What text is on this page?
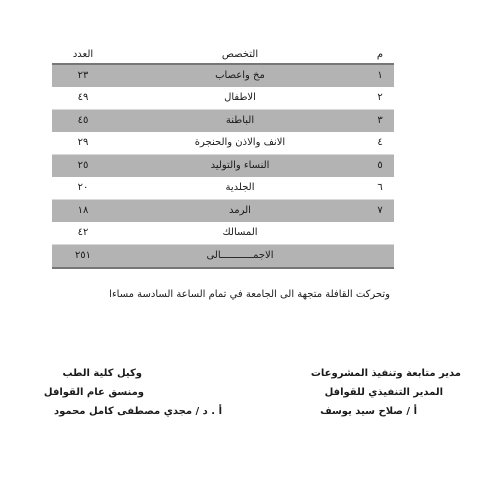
م	التخصص	العدد
١	مخ واعصاب	٢٣
٢	الاطفال	٤٩
٣	الباطنة	٤٥
٤	الانف والاذن والحنجرة	٢٩
٥	النساء والتوليد	٢٥
٦	الجلدية	٢٠
٧	الرمد	١٨
	المسالك	٤٢
	الاجمـــــــــــالى	٢٥١
وتحركت القافلة متجهة الى الجامعة في تمام الساعة السادسة مساءا
مدير متابعة وتنفيذ المشروعات
المدير التنفيذي للقوافل
أ / صلاح سيد يوسف
وكيل كلية الطب
ومنسق عام القوافل
أ . د / مجدي مصطفى كامل محمود
